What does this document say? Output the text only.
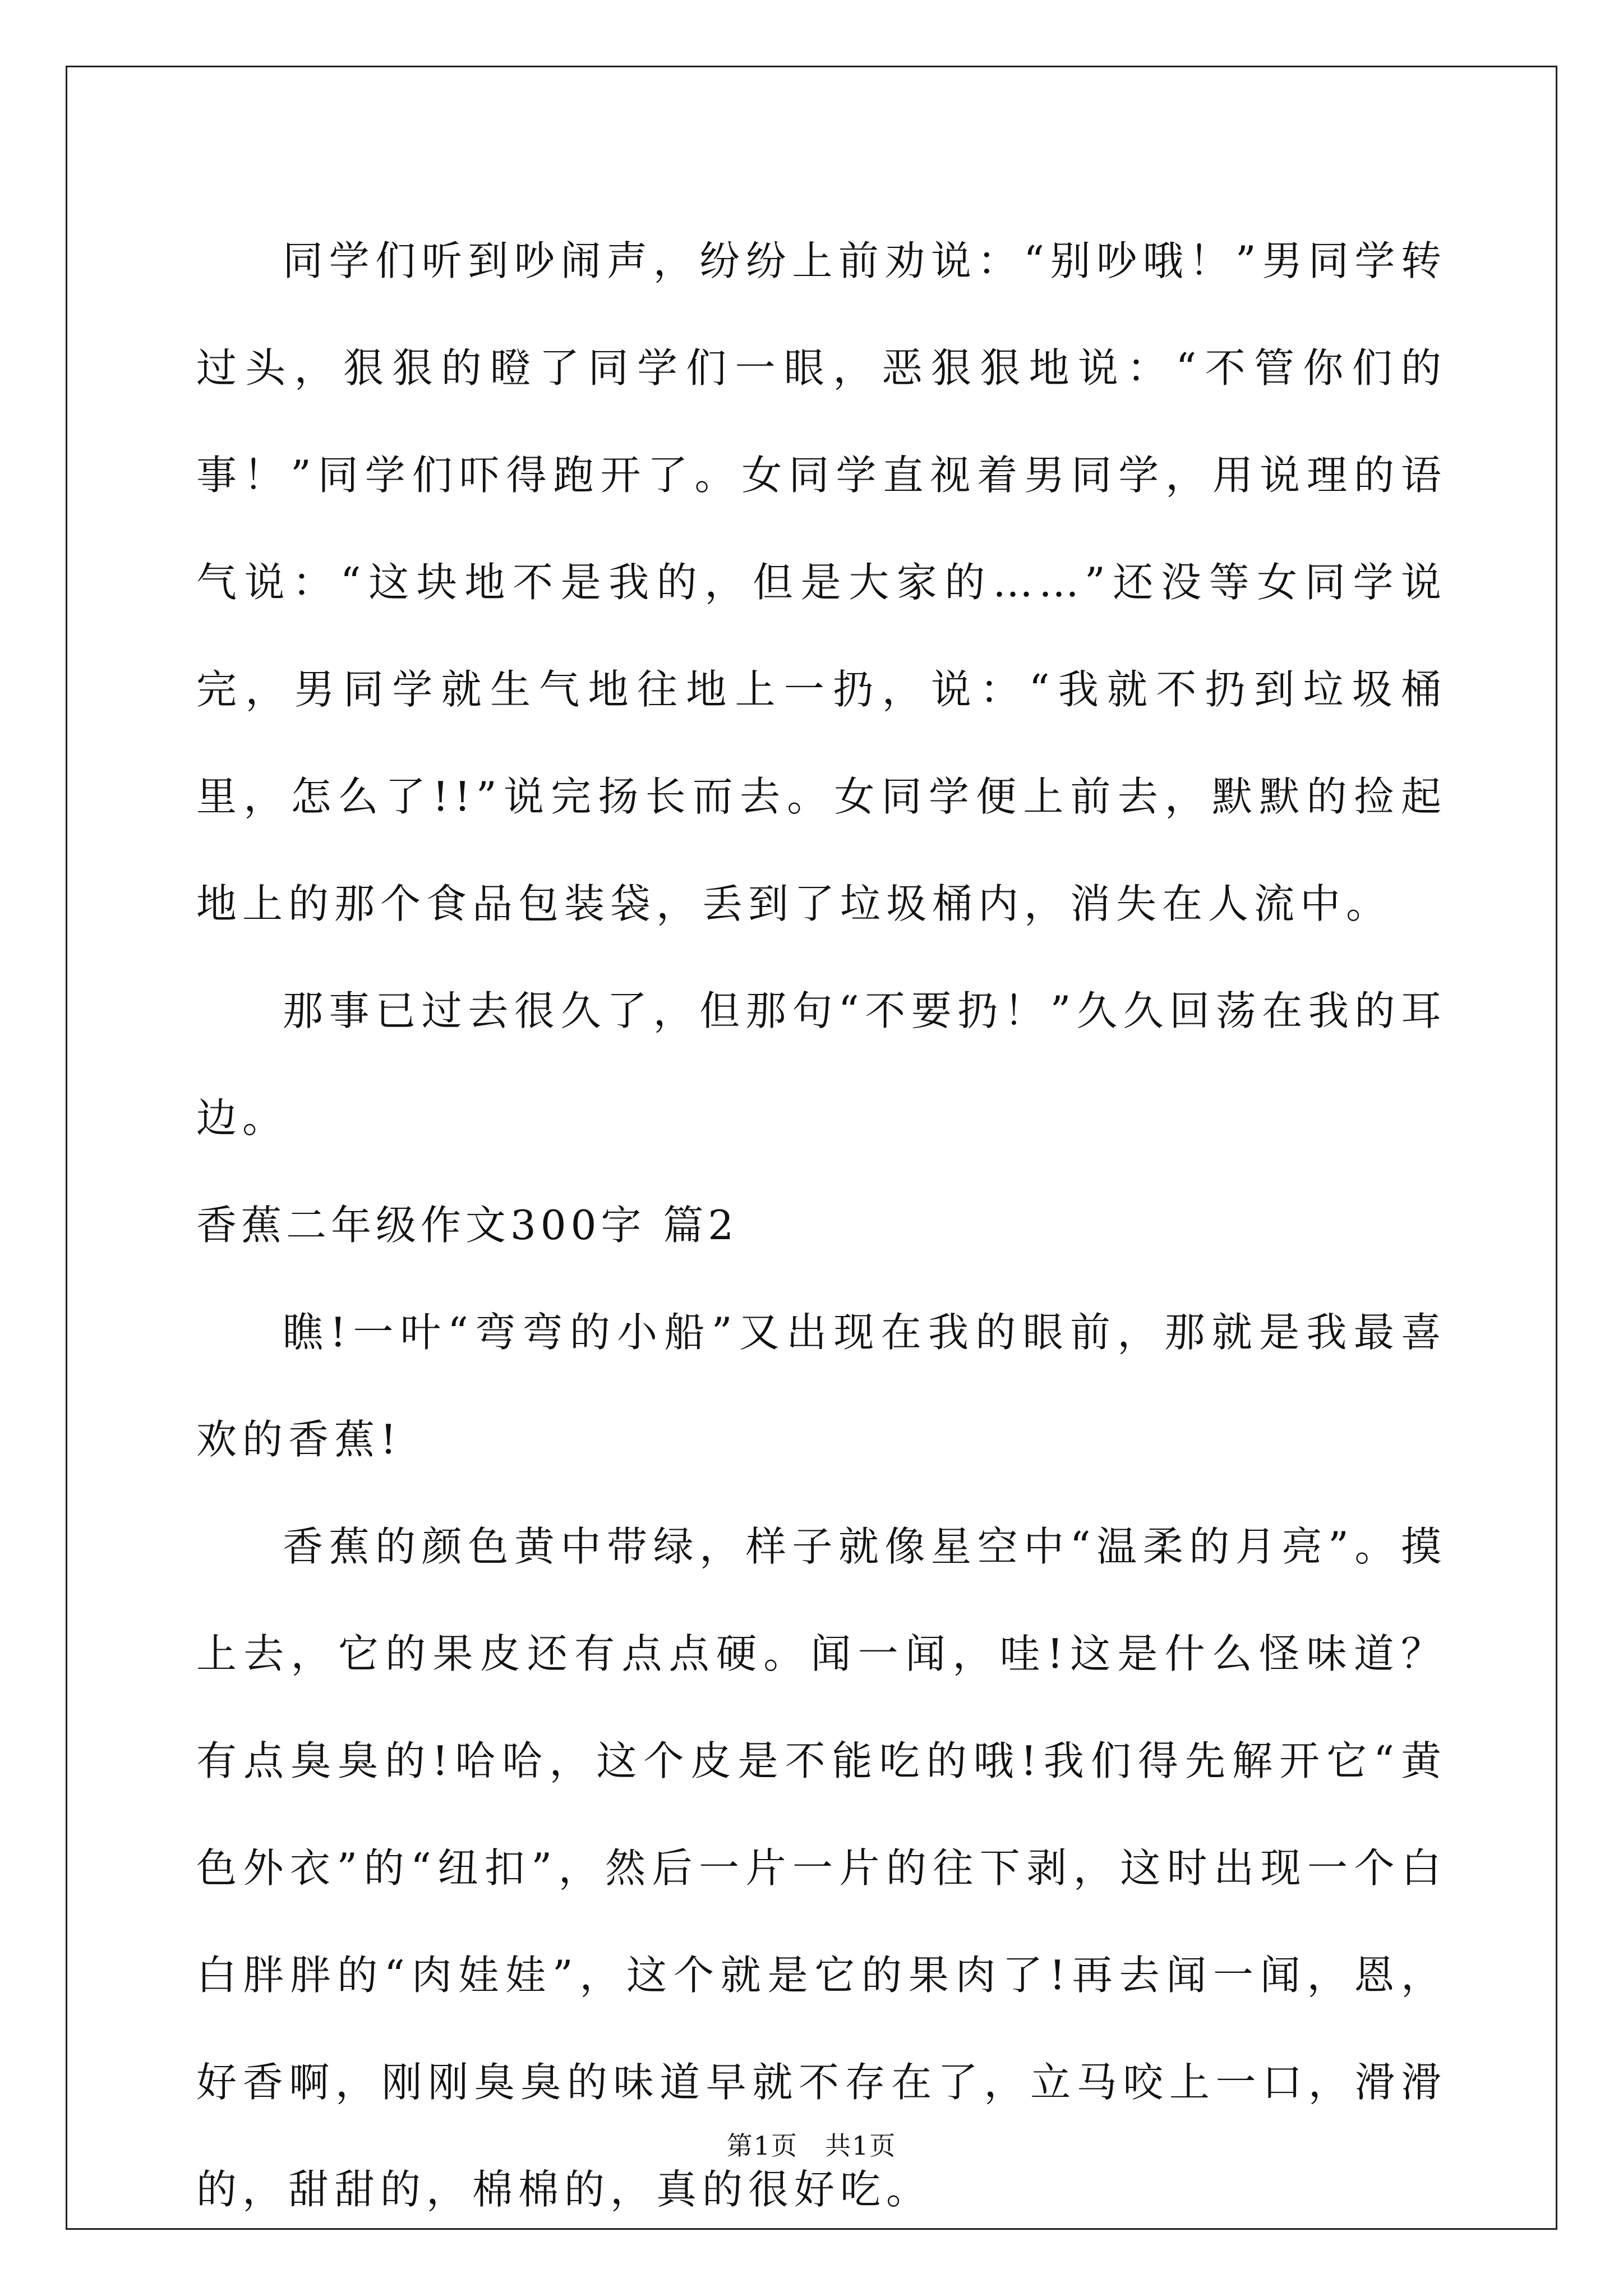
同学们听到吵闹声，纷纷上前劝说：“别吵哦！”男同学转过头，狠狠的瞪了同学们一眼，恶狠狠地说：“不管你们的事！”同学们吓得跑开了。女同学直视着男同学，用说理的语气说：“这块地不是我的，但是大家的……”还没等女同学说完，男同学就生气地往地上一扔，说：“我就不扔到垃圾桶里，怎么了!!”说完扬长而去。女同学便上前去，默默的捡起地上的那个食品包装袋，丢到了垃圾桶内，消失在人流中。

那事已过去很久了，但那句“不要扔！”久久回荡在我的耳边。

香蕉二年级作文300字 篇2

瞧!一叶“弯弯的小船”又出现在我的眼前，那就是我最喜欢的香蕉!

香蕉的颜色黄中带绿，样子就像星空中“温柔的月亮”。摸上去，它的果皮还有点点硬。闻一闻，哇!这是什么怪味道？有点臭臭的!哈哈，这个皮是不能吃的哦!我们得先解开它“黄色外衣”的“纽扣”，然后一片一片的往下剥，这时出现一个白白胖胖的“肉娃娃”，这个就是它的果肉了!再去闻一闻，恩，好香啊，刚刚臭臭的味道早就不存在了，立马咬上一口，滑滑的，甜甜的，棉棉的，真的很好吃。

第1页　共1页
